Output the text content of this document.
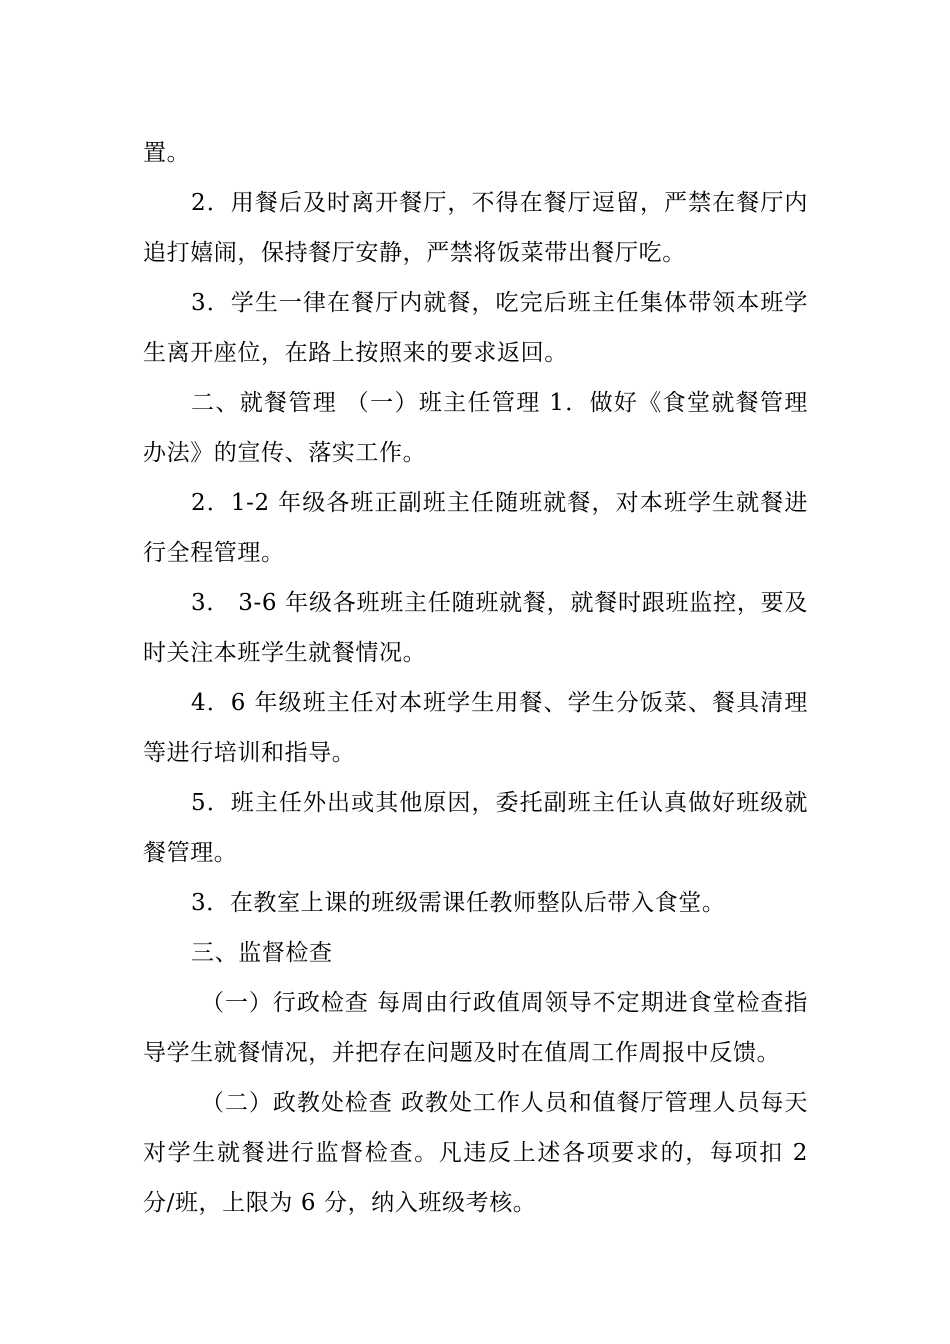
置。

2．用餐后及时离开餐厅，不得在餐厅逗留，严禁在餐厅内追打嬉闹，保持餐厅安静，严禁将饭菜带出餐厅吃。

3．学生一律在餐厅内就餐，吃完后班主任集体带领本班学生离开座位，在路上按照来的要求返回。

二、就餐管理 （一）班主任管理 1．做好《食堂就餐管理办法》的宣传、落实工作。

2．1-2 年级各班正副班主任随班就餐，对本班学生就餐进行全程管理。

3． 3-6 年级各班班主任随班就餐，就餐时跟班监控，要及时关注本班学生就餐情况。

4．6 年级班主任对本班学生用餐、学生分饭菜、餐具清理等进行培训和指导。

5．班主任外出或其他原因，委托副班主任认真做好班级就餐管理。

3．在教室上课的班级需课任教师整队后带入食堂。

三、监督检查

（一）行政检查 每周由行政值周领导不定期进食堂检查指导学生就餐情况，并把存在问题及时在值周工作周报中反馈。

（二）政教处检查 政教处工作人员和值餐厅管理人员每天对学生就餐进行监督检查。凡违反上述各项要求的，每项扣 2 分/班，上限为 6 分，纳入班级考核。
